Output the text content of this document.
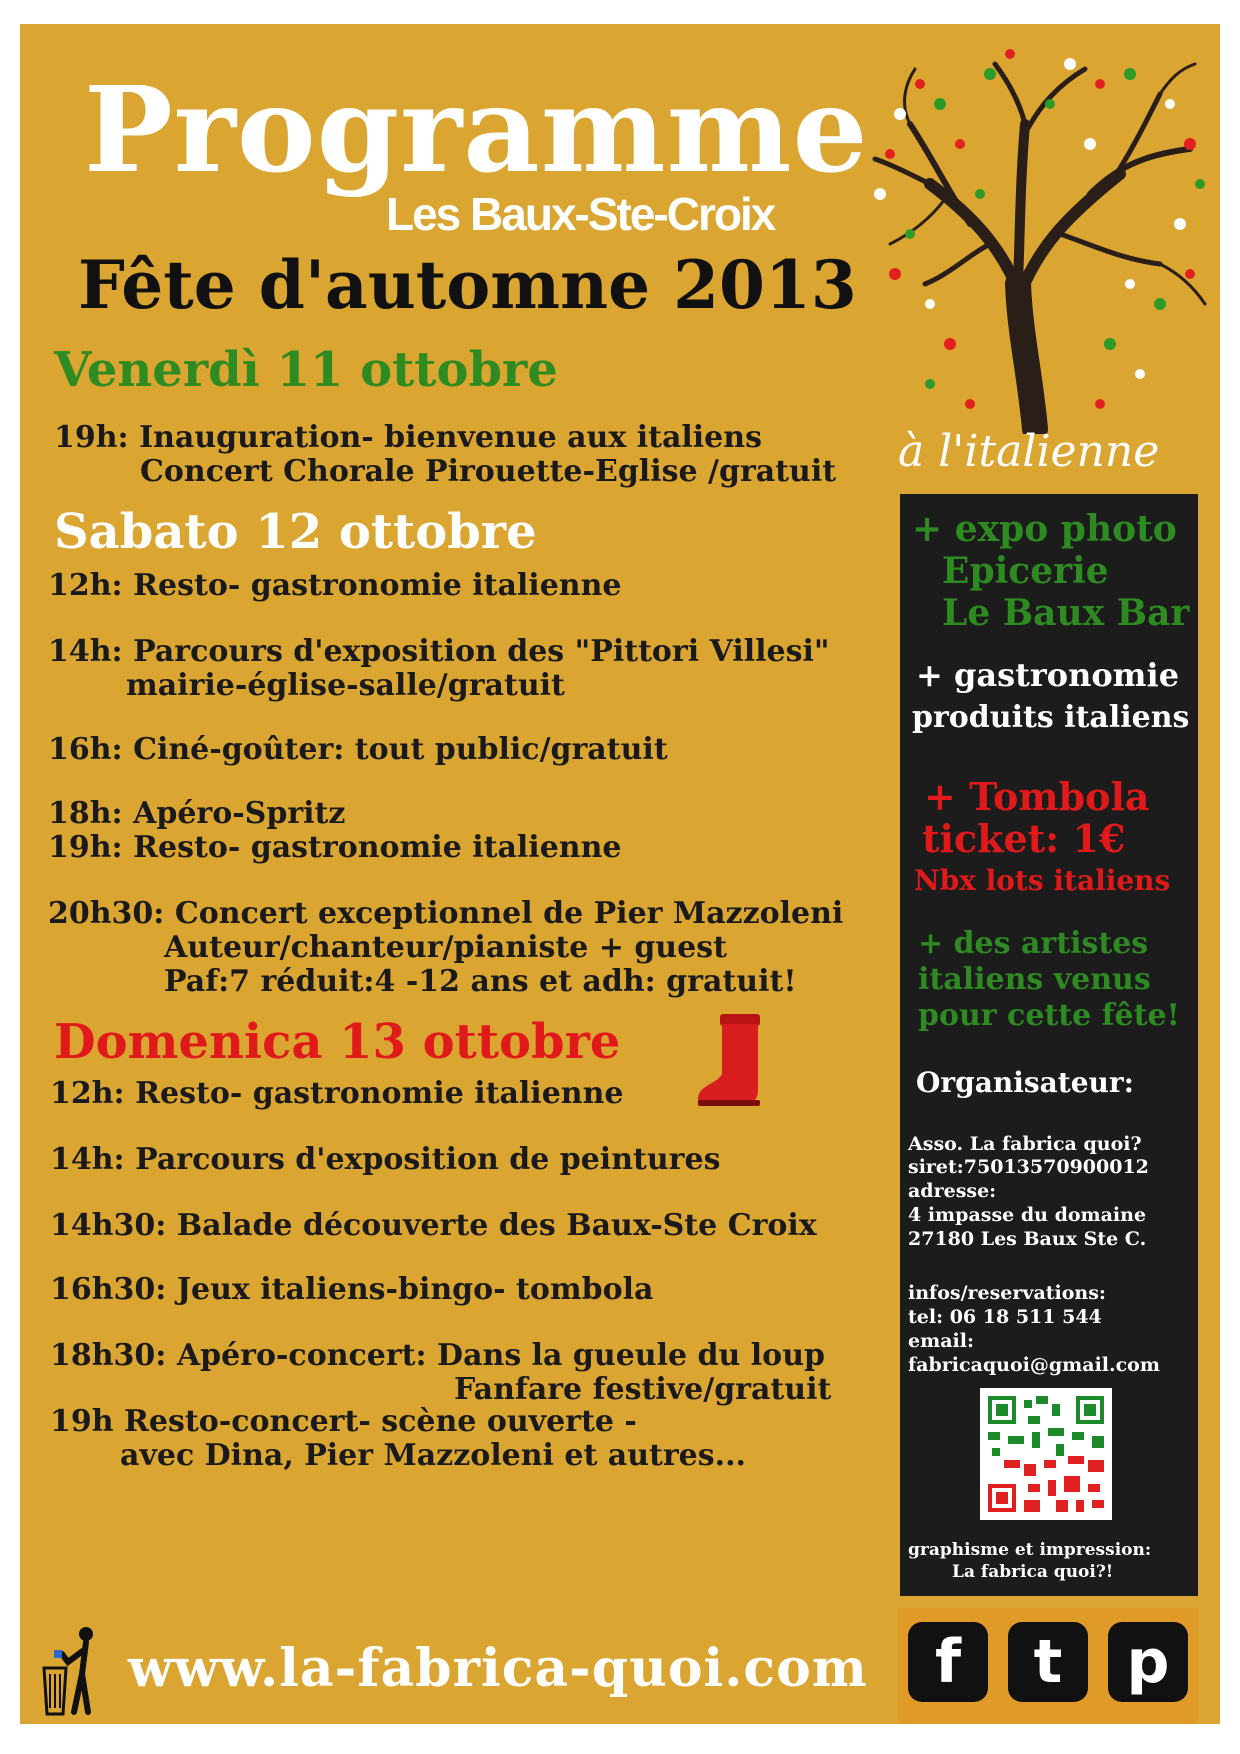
Programme
Les Baux-Ste-Croix
Fête d'automne 2013
à l'italienne
Venerdì 11 ottobre
19h: Inauguration- bienvenue aux italiens
Concert Chorale Pirouette-Eglise /gratuit
Sabato 12 ottobre
12h: Resto- gastronomie italienne
14h: Parcours d'exposition des "Pittori Villesi"
mairie-église-salle/gratuit
16h: Ciné-goûter: tout public/gratuit
18h: Apéro-Spritz
19h: Resto- gastronomie italienne
20h30: Concert exceptionnel de Pier Mazzoleni
Auteur/chanteur/pianiste + guest
Paf:7 réduit:4 -12 ans et adh: gratuit!
Domenica 13 ottobre
12h: Resto- gastronomie italienne
14h: Parcours d'exposition de peintures
14h30: Balade découverte des Baux-Ste Croix
16h30: Jeux italiens-bingo- tombola
18h30: Apéro-concert: Dans la gueule du loup
Fanfare festive/gratuit
19h Resto-concert- scène ouverte -
avec Dina, Pier Mazzoleni et autres...
+ expo photo
Epicerie
Le Baux Bar
+ gastronomie
produits italiens
+ Tombola
ticket: 1€
Nbx lots italiens
+ des artistes
italiens venus
pour cette fête!
Organisateur:
Asso. La fabrica quoi?
siret:75013570900012
adresse:
4 impasse du domaine
27180 Les Baux Ste C.
infos/reservations:
tel: 06 18 511 544
email:
fabricaquoi@gmail.com
graphisme et impression:
La fabrica quoi?!
www.la-fabrica-quoi.com	f	t	p
